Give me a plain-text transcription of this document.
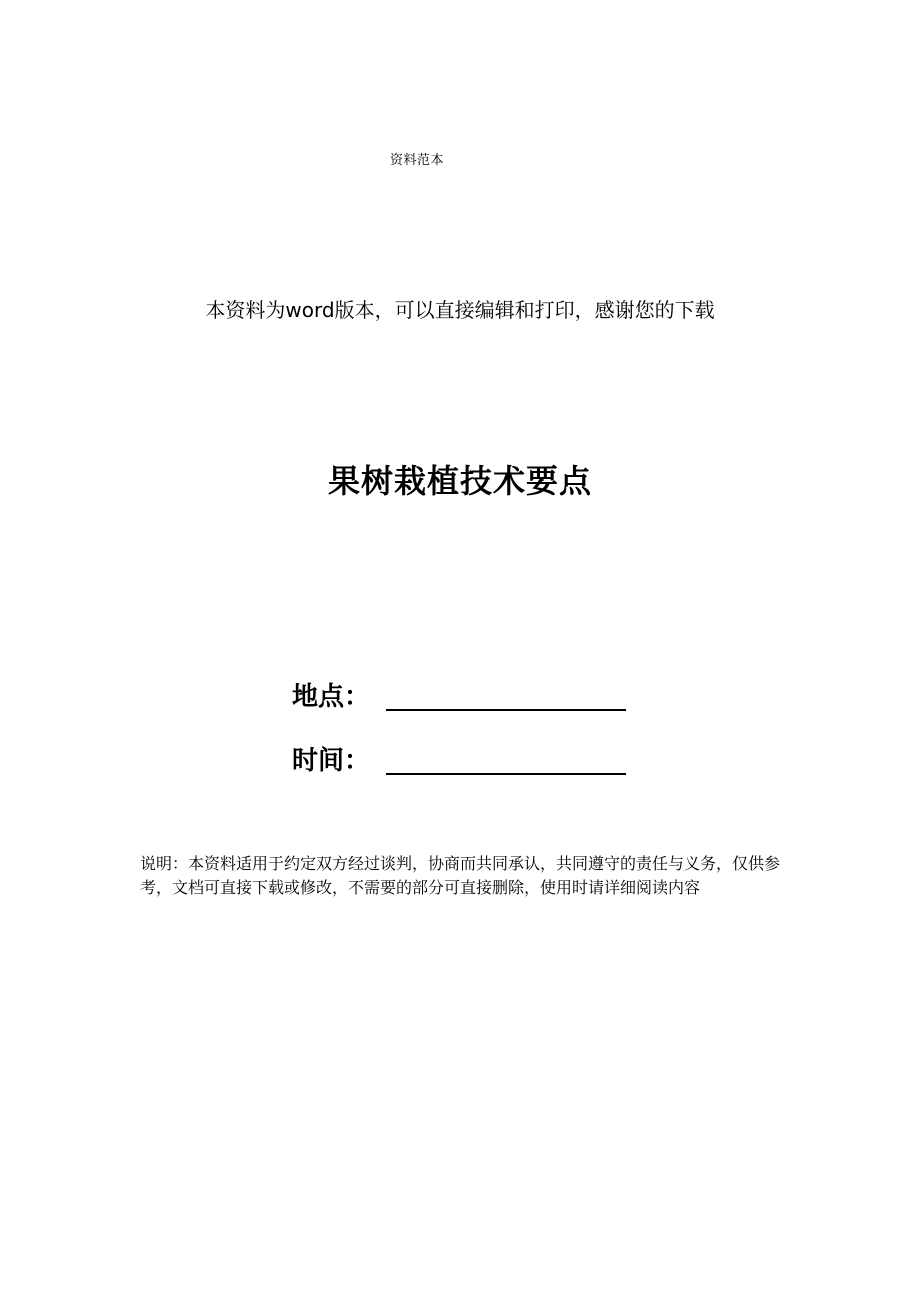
资料范本
本资料为word版本，可以直接编辑和打印，感谢您的下载
果树栽植技术要点
地点：
时间：
说明：本资料适用于约定双方经过谈判，协商而共同承认，共同遵守的责任与义务，仅供参考，文档可直接下载或修改，不需要的部分可直接删除，使用时请详细阅读内容
